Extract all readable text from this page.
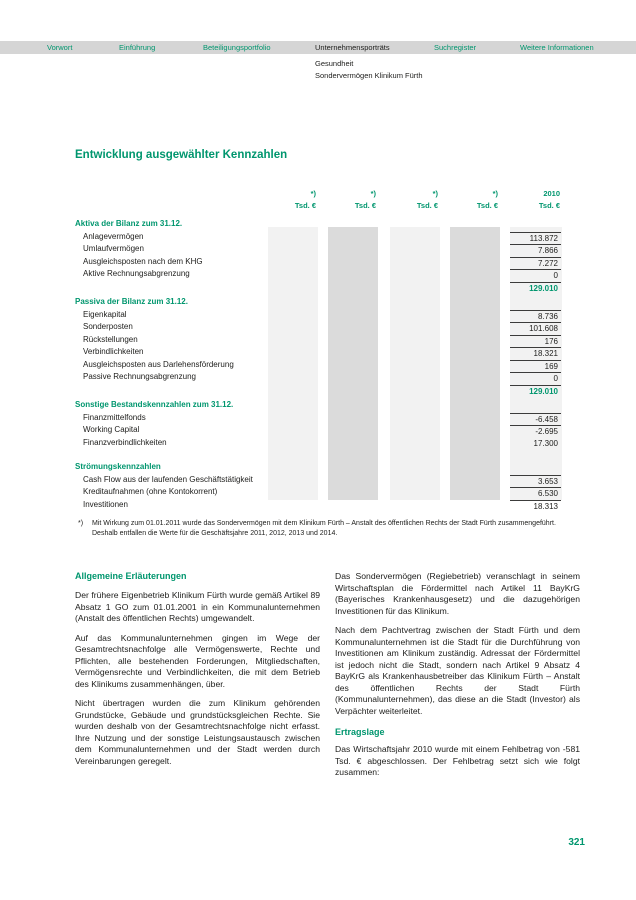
Vorwort	Einführung	Beteiligungsportfolio	Unternehmensporträts	Suchregister	Weitere Informationen
Gesundheit
Sondervermögen Klinikum Fürth
Entwicklung ausgewählter Kennzahlen
*)
Tsd. €
*)
Tsd. €
*)
Tsd. €
*)
Tsd. €
2010
Tsd. €
Aktiva der Bilanz zum 31.12.
Anlagevermögen	113.872
Umlaufvermögen	7.866
Ausgleichsposten nach dem KHG	7.272
Aktive Rechnungsabgrenzung	0
129.010
Passiva der Bilanz zum 31.12.
Eigenkapital	8.736
Sonderposten	101.608
Rückstellungen	176
Verbindlichkeiten	18.321
Ausgleichsposten aus Darlehensförderung	169
Passive Rechnungsabgrenzung	0
129.010
Sonstige Bestandskennzahlen zum 31.12.
Finanzmittelfonds	-6.458
Working Capital	-2.695
Finanzverbindlichkeiten	17.300
Strömungskennzahlen
Cash Flow aus der laufenden Geschäftstätigkeit	3.653
Kreditaufnahmen (ohne Kontokorrent)	6.530
Investitionen	18.313
*)	Mit Wirkung zum 01.01.2011 wurde das Sondervermögen mit dem Klinikum Fürth – Anstalt des öffentlichen Rechts der Stadt Fürth zusammengeführt. Deshalb entfallen die Werte für die Geschäftsjahre 2011, 2012, 2013 und 2014.
Allgemeine Erläuterungen

Der frühere Eigenbetrieb Klinikum Fürth wurde gemäß Artikel 89 Absatz 1 GO zum 01.01.2001 in ein Kommunalunternehmen (Anstalt des öffentlichen Rechts) umgewandelt.

Auf das Kommunalunternehmen gingen im Wege der Gesamtrechtsnachfolge alle Vermögenswerte, Rechte und Pflichten, alle bestehenden Forderungen, Mitgliedschaften, Vermögensrechte und Verbindlichkeiten, die mit dem Betrieb des Klinikums zusammenhängen, über.

Nicht übertragen wurden die zum Klinikum gehörenden Grundstücke, Gebäude und grundstücksgleichen Rechte. Sie wurden deshalb von der Gesamtrechtsnachfolge nicht erfasst. Ihre Nutzung und der sonstige Leistungsaustausch zwischen dem Kommunalunternehmen und der Stadt werden durch Vereinbarungen geregelt.

Das Sondervermögen (Regiebetrieb) veranschlagt in seinem Wirtschaftsplan die Fördermittel nach Artikel 11 BayKrG (Bayerisches Krankenhausgesetz) und die dazugehörigen Investitionen für das Klinikum.

Nach dem Pachtvertrag zwischen der Stadt Fürth und dem Kommunalunternehmen ist die Stadt für die Durchführung von Investitionen am Klinikum zuständig. Adressat der Fördermittel ist jedoch nicht die Stadt, sondern nach Artikel 9 Absatz 4 BayKrG als Krankenhausbetreiber das Klinikum Fürth – Anstalt des öffentlichen Rechts der Stadt Fürth (Kommunalunternehmen), das diese an die Stadt (Investor) als Verpächter weiterleitet.

Ertragslage

Das Wirtschaftsjahr 2010 wurde mit einem Fehlbetrag von -581 Tsd. € abgeschlossen. Der Fehlbetrag setzt sich wie folgt zusammen:

321
